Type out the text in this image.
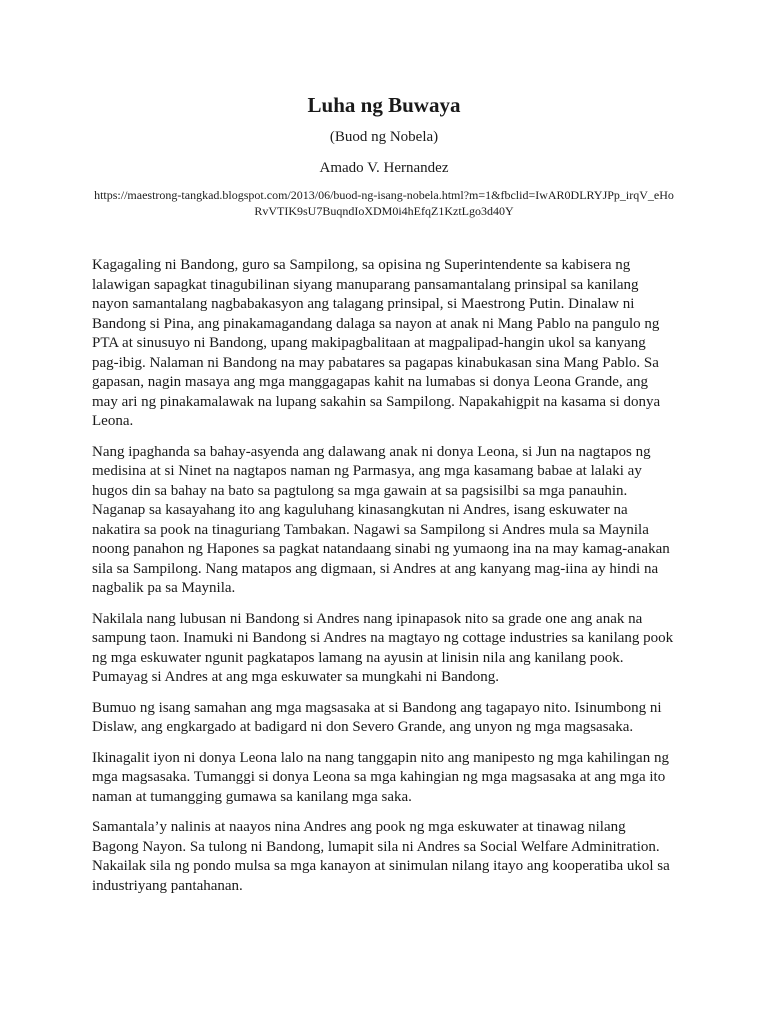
Luha ng Buwaya
(Buod ng Nobela)
Amado V. Hernandez
https://maestrong-tangkad.blogspot.com/2013/06/buod-ng-isang-nobela.html?m=1&fbclid=IwAR0DLRYJPp_irqV_eHoRvVTIK9sU7BuqndIoXDM0i4hEfqZ1KztLgo3d40Y

Kagagaling ni Bandong, guro sa Sampilong, sa opisina ng Superintendente sa kabisera ng lalawigan sapagkat tinagubilinan siyang manuparang pansamantalang prinsipal sa kanilang nayon samantalang nagbabakasyon ang talagang prinsipal, si Maestrong Putin. Dinalaw ni Bandong si Pina, ang pinakamagandang dalaga sa nayon at anak ni Mang Pablo na pangulo ng PTA at sinusuyo ni Bandong, upang makipagbalitaan at magpalipad-hangin ukol sa kanyang pag-ibig. Nalaman ni Bandong na may pabatares sa pagapas kinabukasan sina Mang Pablo. Sa gapasan, nagin masaya ang mga manggagapas kahit na lumabas si donya Leona Grande, ang may ari ng pinakamalawak na lupang sakahin sa Sampilong. Napakahigpit na kasama si donya Leona.

Nang ipaghanda sa bahay-asyenda ang dalawang anak ni donya Leona, si Jun na nagtapos ng medisina at si Ninet na nagtapos naman ng Parmasya, ang mga kasamang babae at lalaki ay hugos din sa bahay na bato sa pagtulong sa mga gawain at sa pagsisilbi sa mga panauhin. Naganap sa kasayahang ito ang kaguluhang kinasangkutan ni Andres, isang eskuwater na nakatira sa pook na tinaguriang Tambakan. Nagawi sa Sampilong si Andres mula sa Maynila noong panahon ng Hapones sa pagkat natandaang sinabi ng yumaong ina na may kamag-anakan sila sa Sampilong. Nang matapos ang digmaan, si Andres at ang kanyang mag-iina ay hindi na nagbalik pa sa Maynila.

Nakilala nang lubusan ni Bandong si Andres nang ipinapasok nito sa grade one ang anak na sampung taon. Inamuki ni Bandong si Andres na magtayo ng cottage industries sa kanilang pook ng mga eskuwater ngunit pagkatapos lamang na ayusin at linisin nila ang kanilang pook. Pumayag si Andres at ang mga eskuwater sa mungkahi ni Bandong.

Bumuo ng isang samahan ang mga magsasaka at si Bandong ang tagapayo nito. Isinumbong ni Dislaw, ang engkargado at badigard ni don Severo Grande, ang unyon ng mga magsasaka.

Ikinagalit iyon ni donya Leona lalo na nang tanggapin nito ang manipesto ng mga kahilingan ng mga magsasaka. Tumanggi si donya Leona sa mga kahingian ng mga magsasaka at ang mga ito naman at tumangging gumawa sa kanilang mga saka.

Samantala’y nalinis at naayos nina Andres ang pook ng mga eskuwater at tinawag nilang Bagong Nayon. Sa tulong ni Bandong, lumapit sila ni Andres sa Social Welfare Adminitration. Nakailak sila ng pondo mulsa sa mga kanayon at sinimulan nilang itayo ang kooperatiba ukol sa industriyang pantahanan.
